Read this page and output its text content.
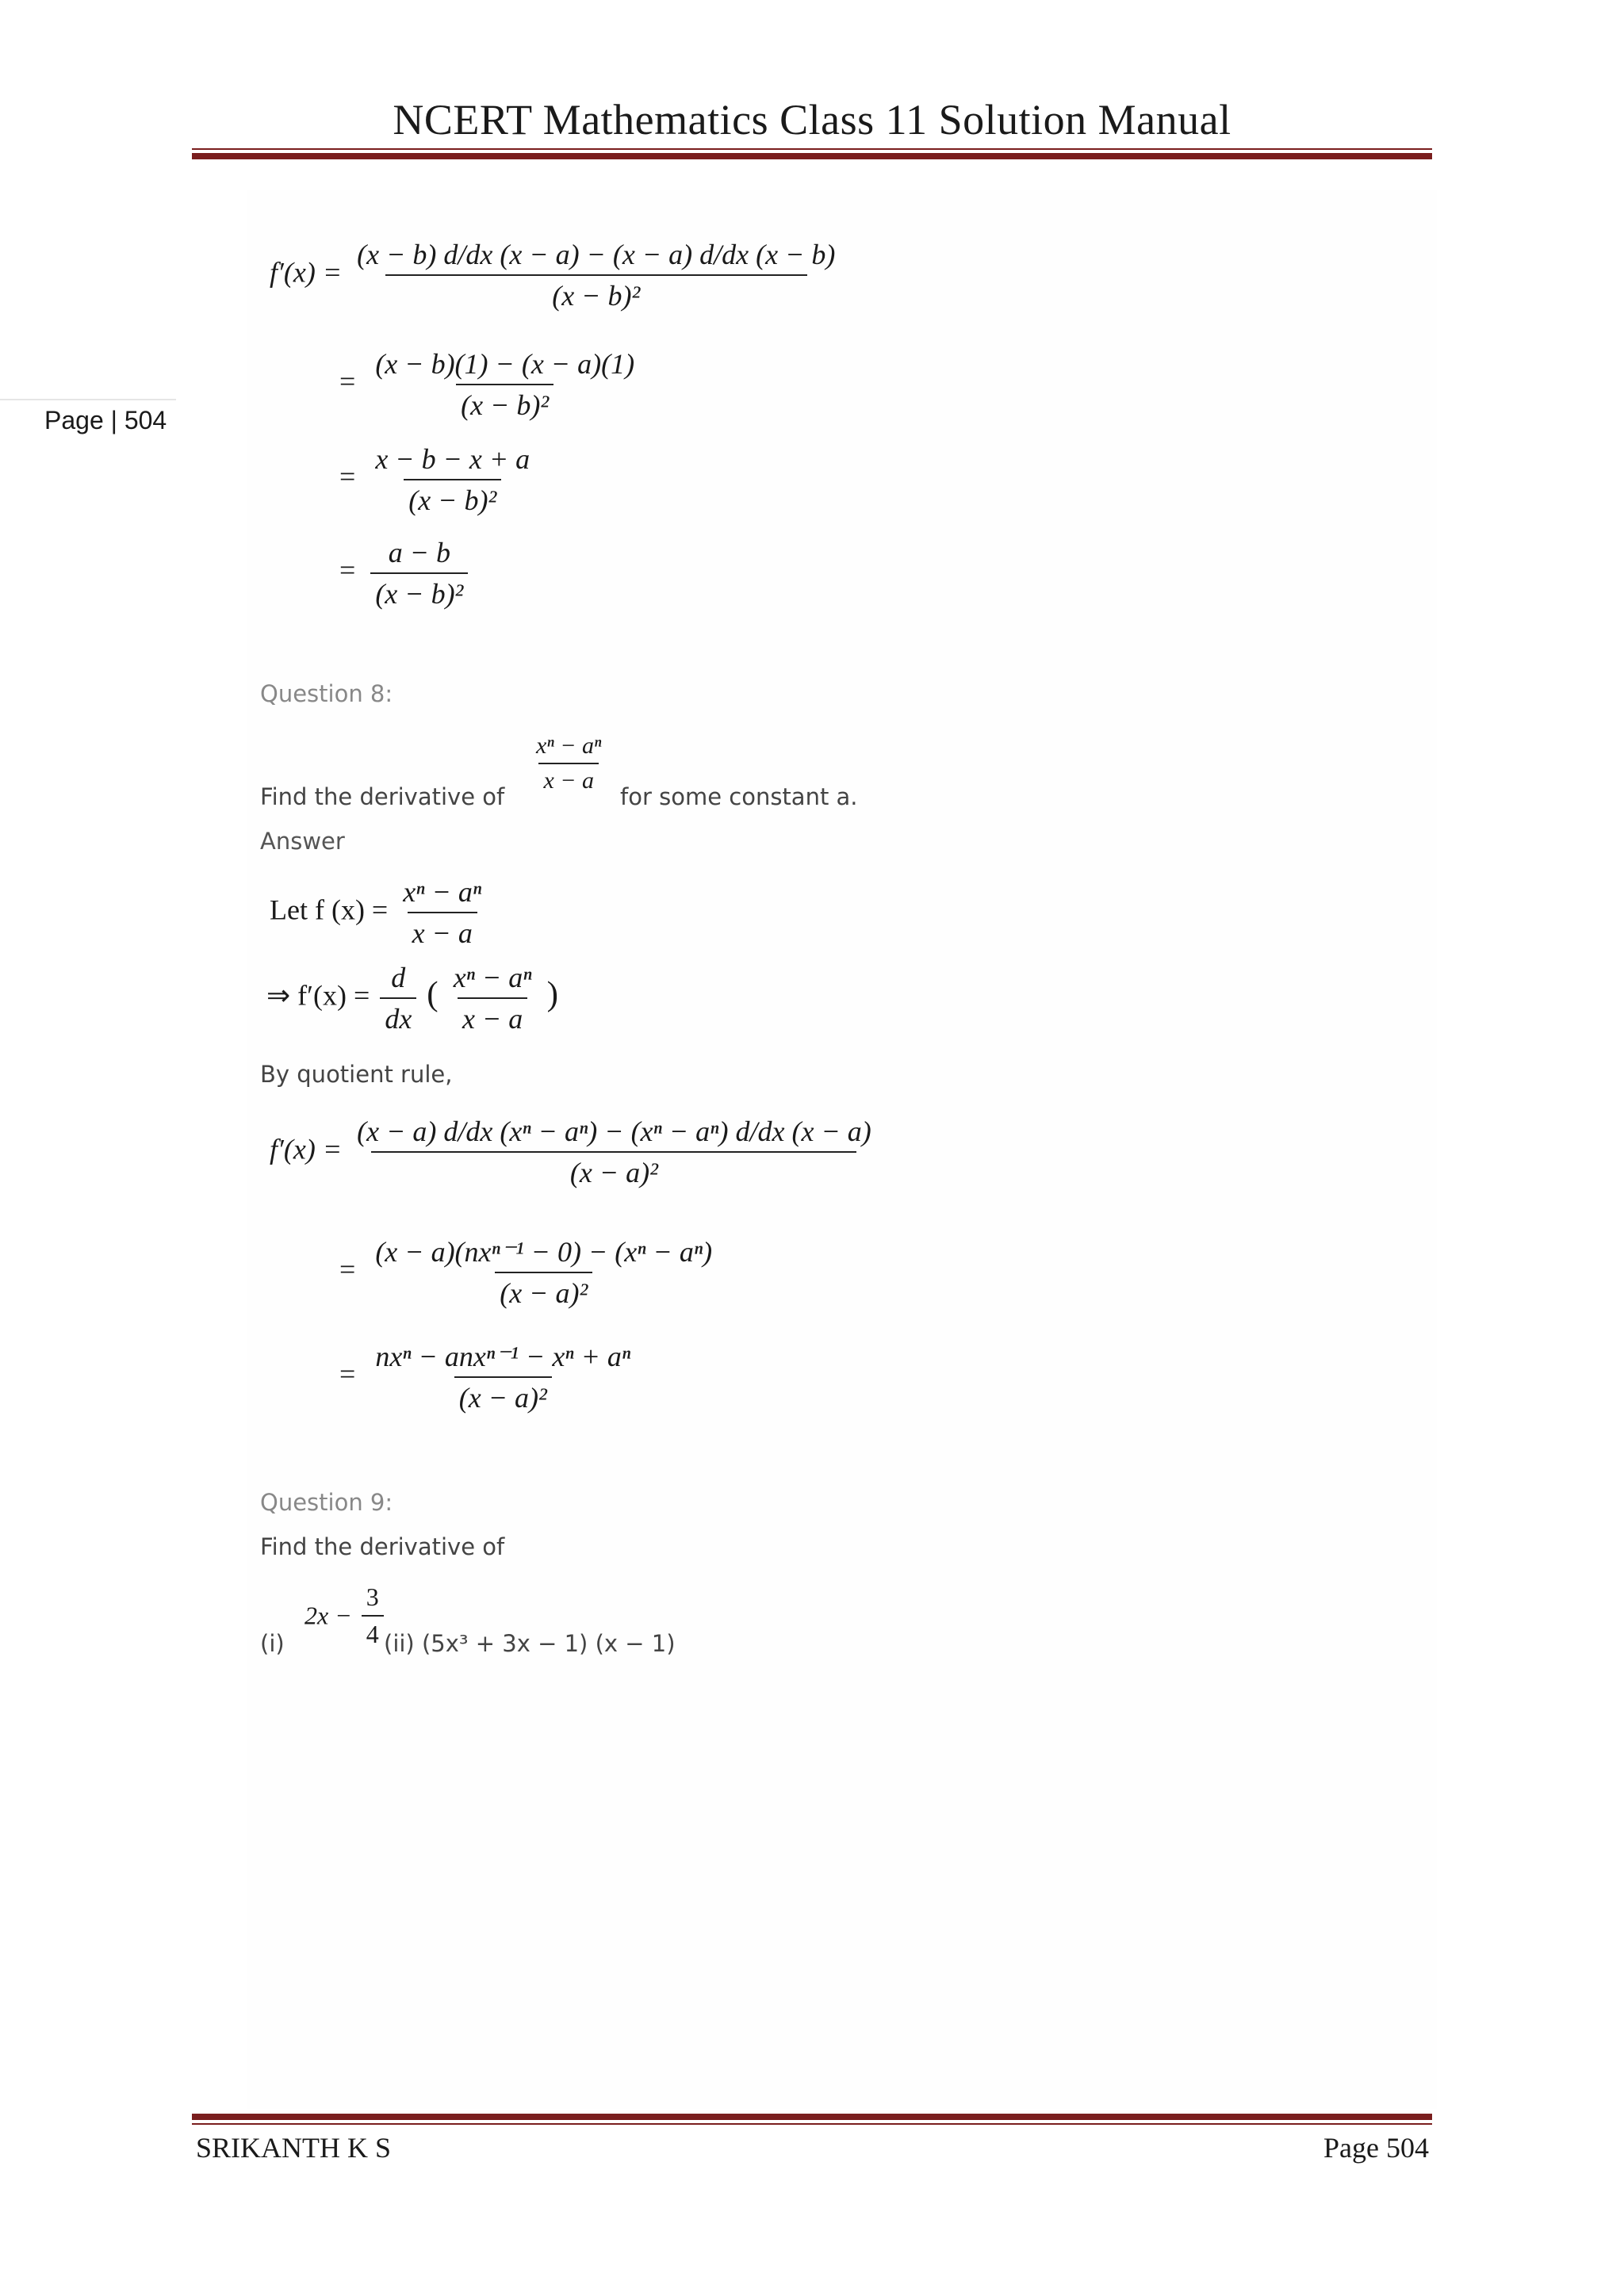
NCERT Mathematics Class 11 Solution Manual
Page | 504
$f'(x) = \frac{(x - b) d/dx (x - a) - (x - a) d/dx (x - b)}{\text{(x − b)²}}$
= $\frac{(x - b)(1) - (x - a)(1)}{\text{(x − b)²}}$
= $\frac{x - b - x + a}{\text{(x − b)²}}$
= $\frac{a - b}{\text{(x − b)²}}$
Question 8:
Find the derivative of
$\frac{\text{xⁿ − aⁿ}}{x - a}$
for some constant a.
Answer
Let f $(x) = \frac{\text{xⁿ − aⁿ}}{x - a}$
⇒ $f'(x) = \frac{d}{dx}$ ( $\frac{\text{xⁿ − aⁿ}}{x - a}$ )
By quotient rule,
$f'(x) = \frac{\text{(x − a) d/dx (xⁿ − aⁿ) − (xⁿ − aⁿ) d/dx (x − a)}}{\text{(x − a)²}}$
= $\frac{\text{(x − a)(nxⁿ⁻¹ − 0) − (xⁿ − aⁿ)}}{\text{(x − a)²}}$
= $\frac{\text{nxⁿ − anxⁿ⁻¹ − xⁿ + aⁿ}}{\text{(x − a)²}}$
Question 9:
Find the derivative of
(i)
$2x - \frac{3}{4} (ii) (5x^3 + 3x - 1) (x - 1)$
SRIKANTH K S	Page 504
